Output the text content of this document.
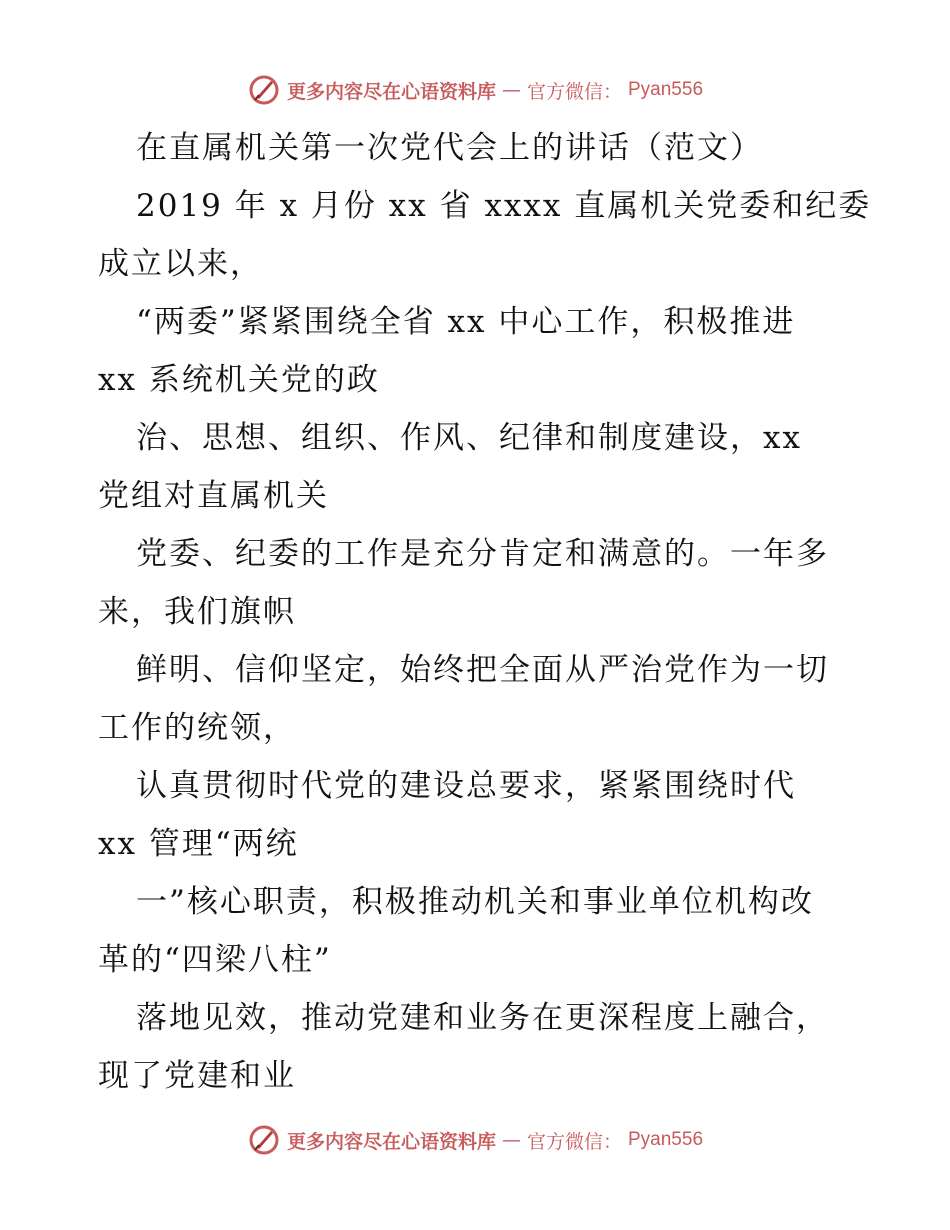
更多内容尽在心语资料库 — 官方微信： Pyan556
在直属机关第一次党代会上的讲话（范文）
2019 年 x 月份 xx 省 xxxx 直属机关党委和纪委
成立以来，
“两委”紧紧围绕全省 xx 中心工作，积极推进
xx 系统机关党的政
治、思想、组织、作风、纪律和制度建设，xx
党组对直属机关
党委、纪委的工作是充分肯定和满意的。一年多
来，我们旗帜
鲜明、信仰坚定，始终把全面从严治党作为一切
工作的统领，
认真贯彻时代党的建设总要求，紧紧围绕时代
xx 管理“两统
一”核心职责，积极推动机关和事业单位机构改
革的“四梁八柱”
落地见效，推动党建和业务在更深程度上融合，
现了党建和业
更多内容尽在心语资料库 — 官方微信： Pyan556
